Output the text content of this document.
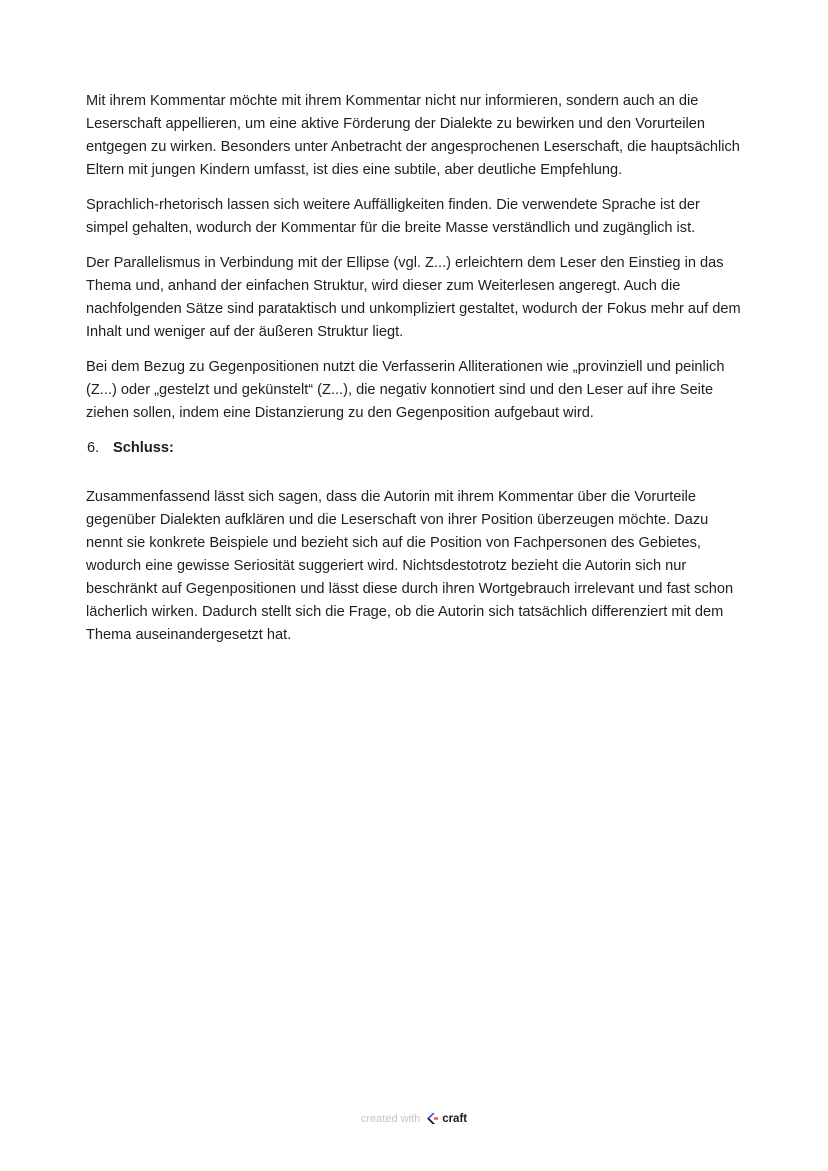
Mit ihrem Kommentar möchte mit ihrem Kommentar nicht nur informieren, sondern auch an die Leserschaft appellieren, um eine aktive Förderung der Dialekte zu bewirken und den Vorurteilen entgegen zu wirken. Besonders unter Anbetracht der angesprochenen Leserschaft, die hauptsächlich Eltern mit jungen Kindern umfasst, ist dies eine subtile, aber deutliche Empfehlung.

Sprachlich-rhetorisch lassen sich weitere Auffälligkeiten finden. Die verwendete Sprache ist der simpel gehalten, wodurch der Kommentar für die breite Masse verständlich und zugänglich ist.

Der Parallelismus in Verbindung mit der Ellipse (vgl. Z...) erleichtern dem Leser den Einstieg in das Thema und, anhand der einfachen Struktur, wird dieser zum Weiterlesen angeregt. Auch die nachfolgenden Sätze sind parataktisch und unkompliziert gestaltet, wodurch der Fokus mehr auf dem Inhalt und weniger auf der äußeren Struktur liegt.

Bei dem Bezug zu Gegenpositionen nutzt die Verfasserin Alliterationen wie „provinziell und peinlich (Z...) oder „gestelzt und gekünstelt“ (Z...), die negativ konnotiert sind und den Leser auf ihre Seite ziehen sollen, indem eine Distanzierung zu den Gegenposition aufgebaut wird.

6. Schluss:

Zusammenfassend lässt sich sagen, dass die Autorin mit ihrem Kommentar über die Vorurteile gegenüber Dialekten aufklären und die Leserschaft von ihrer Position überzeugen möchte. Dazu nennt sie konkrete Beispiele und bezieht sich auf die Position von Fachpersonen des Gebietes, wodurch eine gewisse Seriosität suggeriert wird. Nichtsdestotrotz bezieht die Autorin sich nur beschränkt auf Gegenpositionen und lässt diese durch ihren Wortgebrauch irrelevant und fast schon lächerlich wirken. Dadurch stellt sich die Frage, ob die Autorin sich tatsächlich differenziert mit dem Thema auseinandergesetzt hat.

created with craft
